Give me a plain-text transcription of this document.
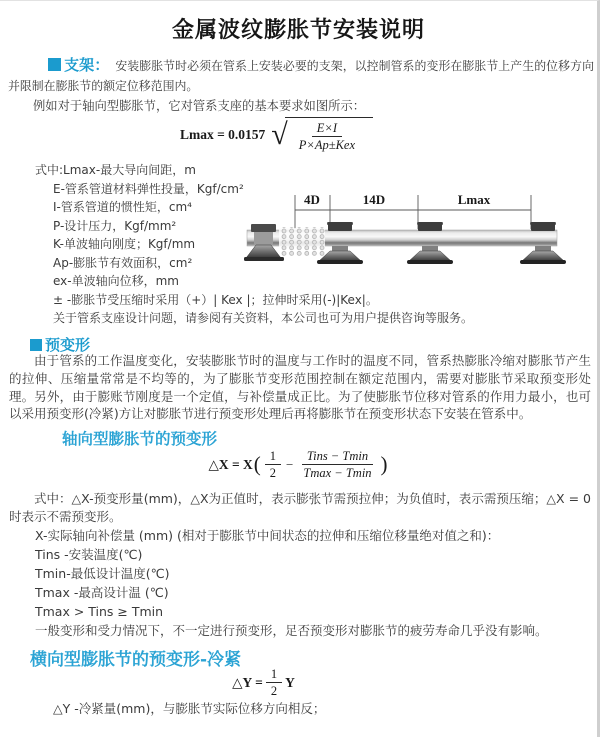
金属波纹膨胀节安装说明
支架： 安装膨胀节时必须在管系上安装必要的支架，以控制管系的变形在膨胀节上产生的位移方向并限制在膨胀节的额定位移范围内。
例如对于轴向型膨胀节，它对管系支座的基本要求如图所示：
Lmax = 0.0157 √ $\frac{E\times I}{\text{P×Ap±Kex}}$
式中:Lmax-最大导向间距，m
E-管系管道材料弹性投量，Kgf/cm²
I-管系管道的惯性矩，cm⁴
P-设计压力，Kgf/mm²
K-单波轴向刚度；Kgf/mm
Ap-膨胀节有效面积，cm²
ex-单波轴向位移，mm
± -膨胀节受压缩时采用（+）| Kex |；拉伸时采用(-)|Kex|。
关于管系支座设计问题，请参阅有关资料，本公司也可为用户提供咨询等服务。
4D	14D	Lmax
预变形
由于管系的工作温度变化，安装膨胀节时的温度与工作时的温度不同，管系热膨胀冷缩对膨胀节产生的拉伸、压缩量常常是不均等的，为了膨胀节变形范围控制在额定范围内，需要对膨胀节采取预变形处理。另外，由于膨账节刚度是一个定值，与补偿量成正比。为了使膨胀节位移对管系的作用力最小，也可以采用预变形(冷紧)方让对膨胀节进行预变形处理后再将膨胀节在预变形状态下安装在管系中。
轴向型膨胀节的预变形
△X = X ( $\frac{1}{2} - \frac{\text{Tins − Tmin}}{Tmax - Tmin}$ )
式中：△X-预变形量(mm)，△X为正值时，表示膨张节需预拉伸；为负值时，表示需预压缩；△X = 0时表示不需预变形。
X-实际轴向补偿量 (mm) (相对于膨胀节中间状态的拉伸和压缩位移量绝对值之和)：
Tins -安装温度(℃)
Tmin-最低设计温度(℃)
Tmax -最高设计温 (℃)
Tmax > Tins ≥ Tmin
一般变形和受力情况下，不一定进行预变形，足否预变形对膨胀节的疲劳寿命几乎没有影响。
横向型膨胀节的预变形-冷紧
△Y = $\frac{1}{2}$ Y
△Y -冷紧量(mm)，与膨胀节实际位移方向相反；
